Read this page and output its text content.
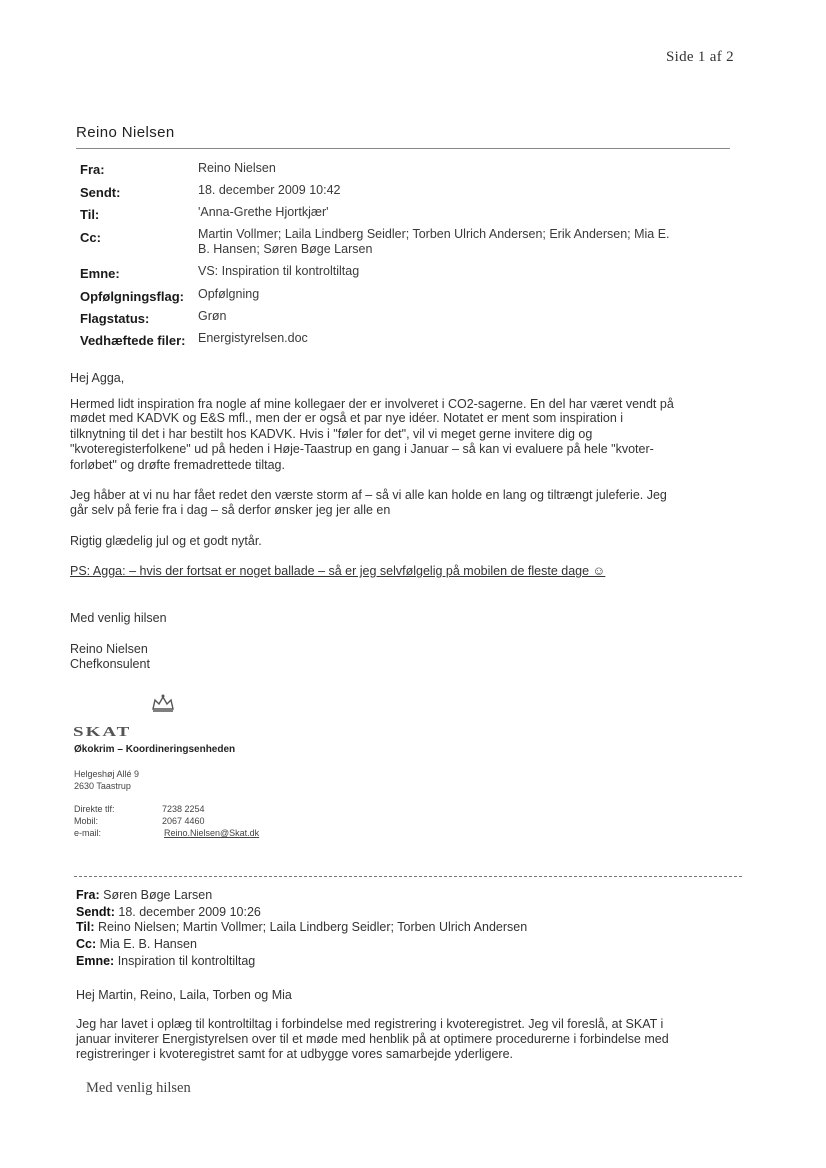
Side 1 af 2
Reino Nielsen
Fra:	Reino Nielsen
Sendt:	18. december 2009 10:42
Til:	'Anna-Grethe Hjortkjær'
Cc:	Martin Vollmer; Laila Lindberg Seidler; Torben Ulrich Andersen; Erik Andersen; Mia E.
B. Hansen; Søren Bøge Larsen
Emne:	VS: Inspiration til kontroltiltag
Opfølgningsflag: Opfølgning
Flagstatus:	Grøn
Vedhæftede filer: Energistyrelsen.doc
Hej Agga,
Hermed lidt inspiration fra nogle af mine kollegaer der er involveret i CO2-sagerne. En del har været vendt på
mødet med KADVK og E&S mfl., men der er også et par nye idéer. Notatet er ment som inspiration i
tilknytning til det i har bestilt hos KADVK. Hvis i "føler for det", vil vi meget gerne invitere dig og
"kvoteregisterfolkene" ud på heden i Høje-Taastrup en gang i Januar – så kan vi evaluere på hele "kvoter-
forløbet" og drøfte fremadrettede tiltag.
Jeg håber at vi nu har fået redet den værste storm af – så vi alle kan holde en lang og tiltrængt juleferie. Jeg
går selv på ferie fra i dag – så derfor ønsker jeg jer alle en
Rigtig glædelig jul og et godt nytår.
PS: Agga: – hvis der fortsat er noget ballade – så er jeg selvfølgelig på mobilen de fleste dage ☺
Med venlig hilsen
Reino Nielsen
Chefkonsulent
SKAT
Økokrim – Koordineringsenheden
Helgeshøj Allé 9
2630 Taastrup
Direkte tlf:	7238 2254
Mobil:	2067 4460
e-mail:	Reino.Nielsen@Skat.dk
Fra: Søren Bøge Larsen
Sendt: 18. december 2009 10:26
Til: Reino Nielsen; Martin Vollmer; Laila Lindberg Seidler; Torben Ulrich Andersen
Cc: Mia E. B. Hansen
Emne: Inspiration til kontroltiltag
Hej Martin, Reino, Laila, Torben og Mia
Jeg har lavet i oplæg til kontroltiltag i forbindelse med registrering i kvoteregistret. Jeg vil foreslå, at SKAT i
januar inviterer Energistyrelsen over til et møde med henblik på at optimere procedurerne i forbindelse med
registreringer i kvoteregistret samt for at udbygge vores samarbejde yderligere.
Med venlig hilsen
